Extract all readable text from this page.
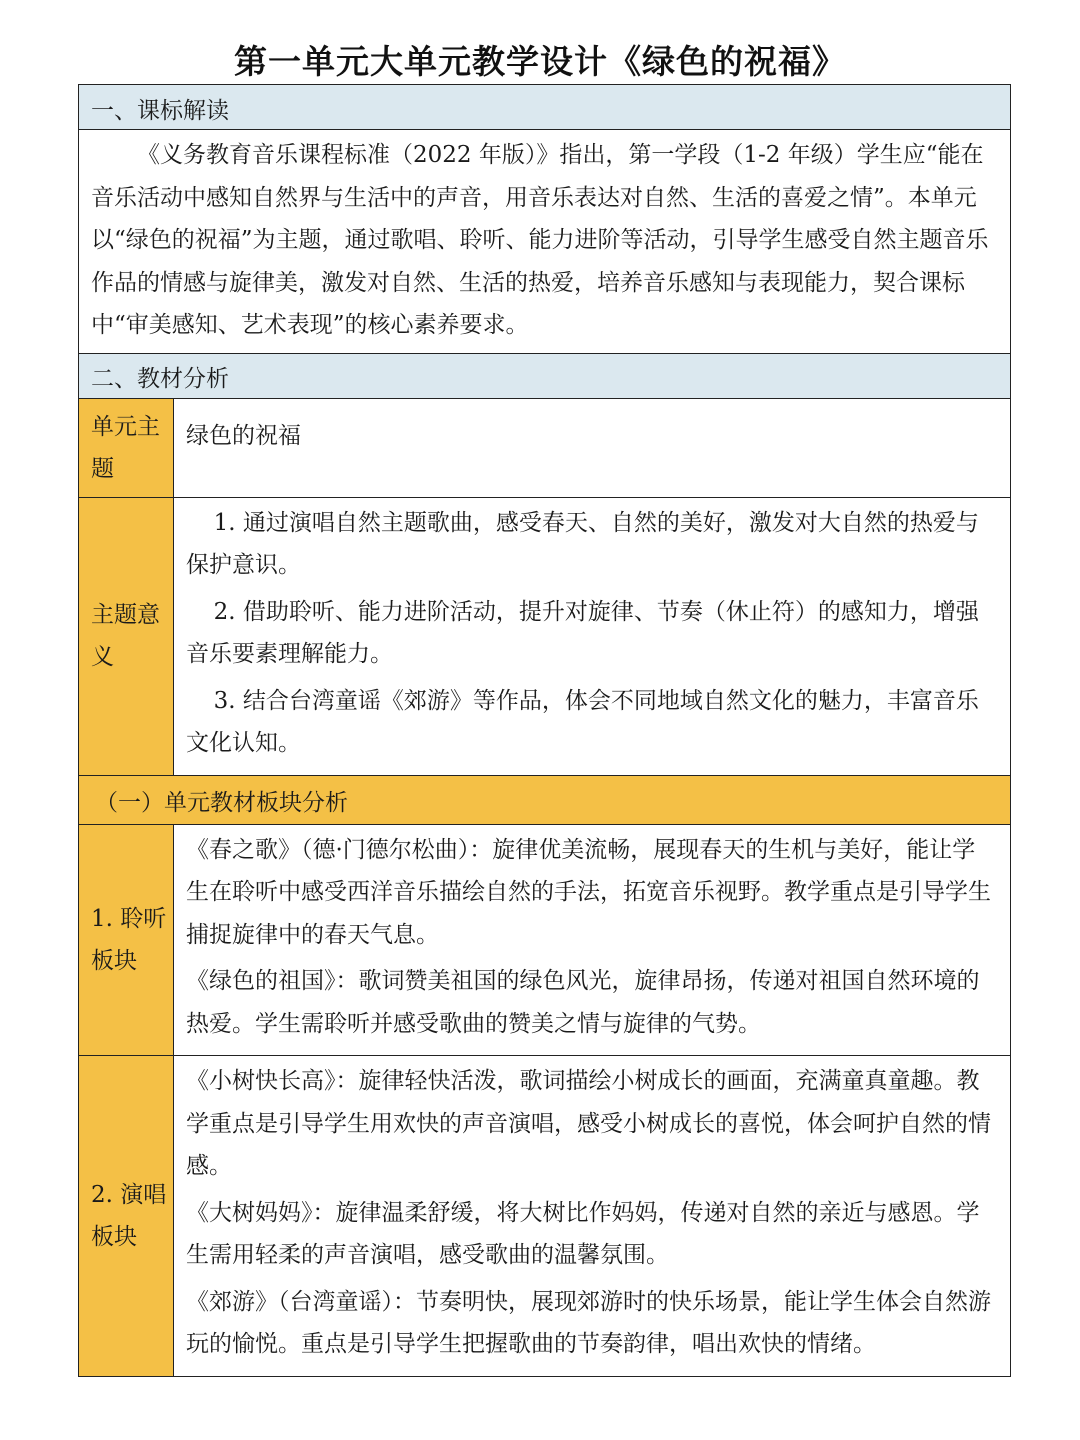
第一单元大单元教学设计《绿色的祝福》
一、课标解读	

《义务教育音乐课程标准（2022 年版）》指出，第一学段（1-2 年级）学生应“能在音乐活动中感知自然界与生活中的声音，用音乐表达对自然、生活的喜爱之情”。本单元以“绿色的祝福”为主题，通过歌唱、聆听、能力进阶等活动，引导学生感受自然主题音乐作品的情感与旋律美，激发对自然、生活的热爱，培养音乐感知与表现能力，契合课标中“审美感知、艺术表现”的核心素养要求。	

二、教材分析	
单元主题	绿色的祝福
主题意义	1. 通过演唱自然主题歌曲，感受春天、自然的美好，激发对大自然的热爱与保护意识。

2. 借助聆听、能力进阶活动，提升对旋律、节奏（休止符）的感知力，增强音乐要素理解能力。

3. 结合台湾童谣《郊游》等作品，体会不同地域自然文化的魅力，丰富音乐文化认知。

（一）单元教材板块分析	
1. 聆听板块	《春之歌》（德·门德尔松曲）：旋律优美流畅，展现春天的生机与美好，能让学生在聆听中感受西洋音乐描绘自然的手法，拓宽音乐视野。教学重点是引导学生捕捉旋律中的春天气息。

《绿色的祖国》：歌词赞美祖国的绿色风光，旋律昂扬，传递对祖国自然环境的热爱。学生需聆听并感受歌曲的赞美之情与旋律的气势。

2. 演唱板块	《小树快长高》：旋律轻快活泼，歌词描绘小树成长的画面，充满童真童趣。教学重点是引导学生用欢快的声音演唱，感受小树成长的喜悦，体会呵护自然的情感。

《大树妈妈》：旋律温柔舒缓，将大树比作妈妈，传递对自然的亲近与感恩。学生需用轻柔的声音演唱，感受歌曲的温馨氛围。

《郊游》（台湾童谣）：节奏明快，展现郊游时的快乐场景，能让学生体会自然游玩的愉悦。重点是引导学生把握歌曲的节奏韵律，唱出欢快的情绪。
